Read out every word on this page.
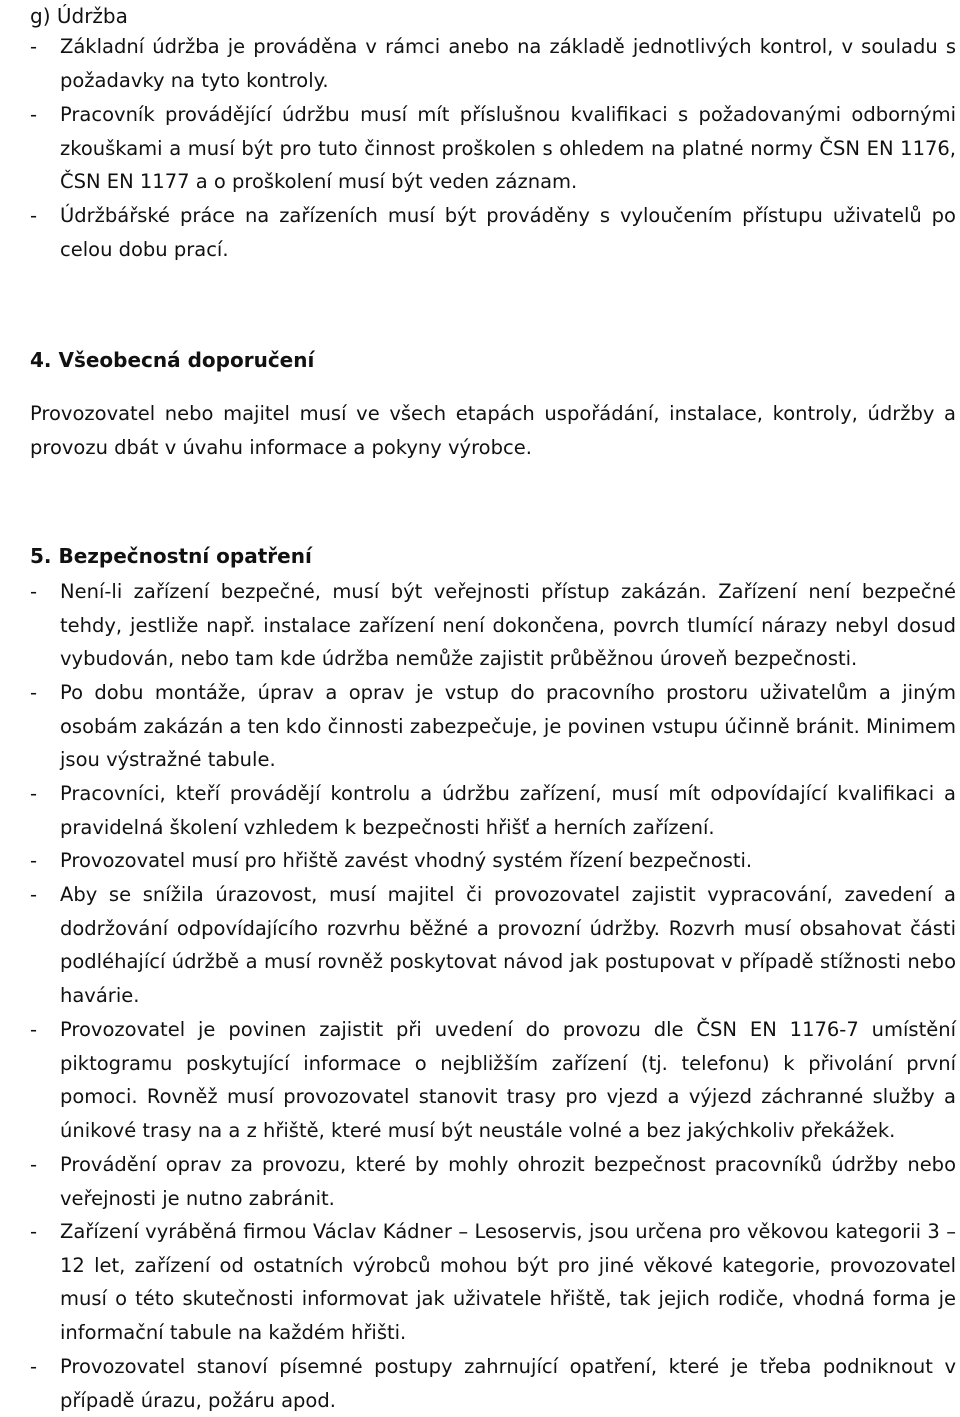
g) Údržba
-	Základní údržba je prováděna v rámci anebo na základě jednotlivých kontrol, v souladu s požadavky na tyto kontroly.
-	Pracovník provádějící údržbu musí mít příslušnou kvalifikaci s požadovanými odbornými zkouškami a musí být pro tuto činnost proškolen s ohledem na platné normy ČSN EN 1176, ČSN EN 1177 a o proškolení musí být veden záznam.
-	Údržbářské práce na zařízeních musí být prováděny s vyloučením přístupu uživatelů po celou dobu prací.
4. Všeobecná doporučení
Provozovatel nebo majitel musí ve všech etapách uspořádání, instalace, kontroly, údržby a provozu dbát v úvahu informace a pokyny výrobce.
5. Bezpečnostní opatření
-	Není-li zařízení bezpečné, musí být veřejnosti přístup zakázán. Zařízení není bezpečné tehdy, jestliže např. instalace zařízení není dokončena, povrch tlumící nárazy nebyl dosud vybudován, nebo tam kde údržba nemůže zajistit průběžnou úroveň bezpečnosti.
-	Po dobu montáže, úprav a oprav je vstup do pracovního prostoru uživatelům a jiným osobám zakázán a ten kdo činnosti zabezpečuje, je povinen vstupu účinně bránit. Minimem jsou výstražné tabule.
-	Pracovníci, kteří provádějí kontrolu a údržbu zařízení, musí mít odpovídající kvalifikaci a pravidelná školení vzhledem k bezpečnosti hřišť a herních zařízení.
-	Provozovatel musí pro hřiště zavést vhodný systém řízení bezpečnosti.
-	Aby se snížila úrazovost, musí majitel či provozovatel zajistit vypracování, zavedení a dodržování odpovídajícího rozvrhu běžné a provozní údržby. Rozvrh musí obsahovat části podléhající údržbě a musí rovněž poskytovat návod jak postupovat v případě stížnosti nebo havárie.
-	Provozovatel je povinen zajistit při uvedení do provozu dle ČSN EN 1176-7 umístění piktogramu poskytující informace o nejbližším zařízení (tj. telefonu) k přivolání první pomoci. Rovněž musí provozovatel stanovit trasy pro vjezd a výjezd záchranné služby a únikové trasy na a z hřiště, které musí být neustále volné a bez jakýchkoliv překážek.
-	Provádění oprav za provozu, které by mohly ohrozit bezpečnost pracovníků údržby nebo veřejnosti je nutno zabránit.
-	Zařízení vyráběná firmou Václav Kádner – Lesoservis, jsou určena pro věkovou kategorii 3 – 12 let, zařízení od ostatních výrobců mohou být pro jiné věkové kategorie, provozovatel musí o této skutečnosti informovat jak uživatele hřiště, tak jejich rodiče, vhodná forma je informační tabule na každém hřišti.
-	Provozovatel stanoví písemné postupy zahrnující opatření, které je třeba podniknout v případě úrazu, požáru apod.
